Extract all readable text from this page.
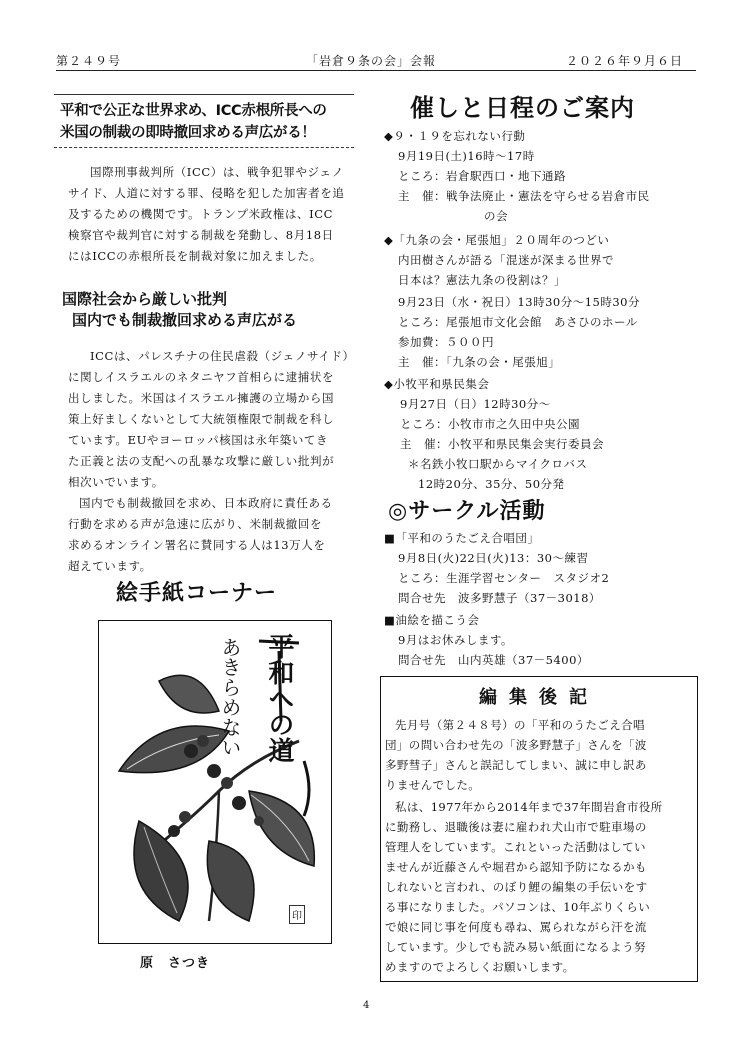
第２４９号	「岩倉９条の会」会報	２０２６年９月６日
平和で公正な世界求め、ICC赤根所長への
米国の制裁の即時撤回求める声広がる！
国際刑事裁判所（ICC）は、戦争犯罪やジェノ
サイド、人道に対する罪、侵略を犯した加害者を追
及するための機関です。トランプ米政権は、ICC
検察官や裁判官に対する制裁を発動し、8月18日
にはICCの赤根所長を制裁対象に加えました。
国際社会から厳しい批判
国内でも制裁撤回求める声広がる
ICCは、パレスチナの住民虐殺（ジェノサイド）
に関しイスラエルのネタニヤフ首相らに逮捕状を
出しました。米国はイスラエル擁護の立場から国
策上好ましくないとして大統領権限で制裁を科し
ています。EUやヨーロッパ核国は永年築いてき
た正義と法の支配への乱暴な攻撃に厳しい批判が
相次いでいます。
国内でも制裁撤回を求め、日本政府に責任ある
行動を求める声が急速に広がり、米制裁撤回を
求めるオンライン署名に賛同する人は13万人を
超えています。
絵手紙コーナー
平和への道
あきらめない
印
原　さつき
催しと日程のご案内
◆９・１９を忘れない行動
9月19日(土)16時～17時
ところ：岩倉駅西口・地下通路
主　催：戦争法廃止・憲法を守らせる岩倉市民
の会
◆「九条の会・尾張旭」２０周年のつどい
内田樹さんが語る「混迷が深まる世界で
日本は？憲法九条の役割は？」
9月23日（水・祝日）13時30分～15時30分
ところ：尾張旭市文化会館　あさひのホール
参加費：５００円
主　催：「九条の会・尾張旭」
◆小牧平和県民集会
9月27日（日）12時30分～
ところ：小牧市市之久田中央公園
主　催：小牧平和県民集会実行委員会
＊名鉄小牧口駅からマイクロバス
12時20分、35分、50分発
◎サークル活動
■「平和のうたごえ合唱団」
9月8日(火)22日(火)13：30～練習
ところ：生涯学習センター　スタジオ2
問合せ先　波多野慧子（37－3018）
■油絵を描こう会
9月はお休みします。
問合せ先　山内英雄（37－5400）
編集後記
先月号（第２４８号）の「平和のうたごえ合唱
団」の問い合わせ先の「波多野慧子」さんを「波
多野彗子」さんと誤記してしまい、誠に申し訳あ
りませんでした。
私は、1977年から2014年まで37年間岩倉市役所
に勤務し、退職後は妻に雇われ犬山市で駐車場の
管理人をしています。これといった活動はしてい
ませんが近藤さんや堀君から認知予防になるかも
しれないと言われ、のぼり鯉の編集の手伝いをす
る事になりました。パソコンは、10年ぶりくらい
で娘に同じ事を何度も尋ね、罵られながら汗を流
しています。少しでも読み易い紙面になるよう努
めますのでよろしくお願いします。
4
